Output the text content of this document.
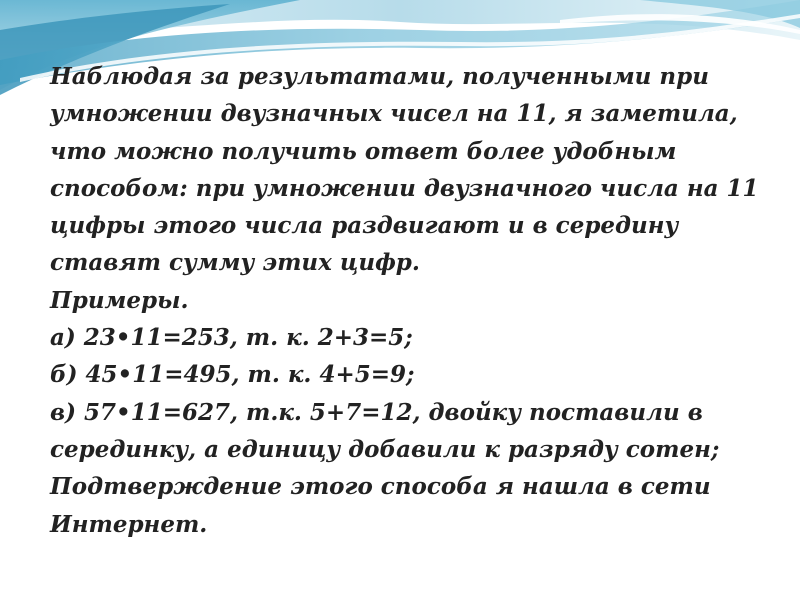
Наблюдая за результатами, полученными при
умножении двузначных чисел на 11, я заметила,
что можно получить ответ более удобным
способом: при умножении двузначного числа на 11
цифры этого числа раздвигают и в середину
ставят сумму этих цифр.
Примеры.
а) 23•11=253, т. к. 2+3=5;
б) 45•11=495, т. к. 4+5=9;
в) 57•11=627, т.к. 5+7=12, двойку поставили в
серединку, а единицу добавили к разряду сотен;
Подтверждение этого способа я нашла в сети
Интернет.
